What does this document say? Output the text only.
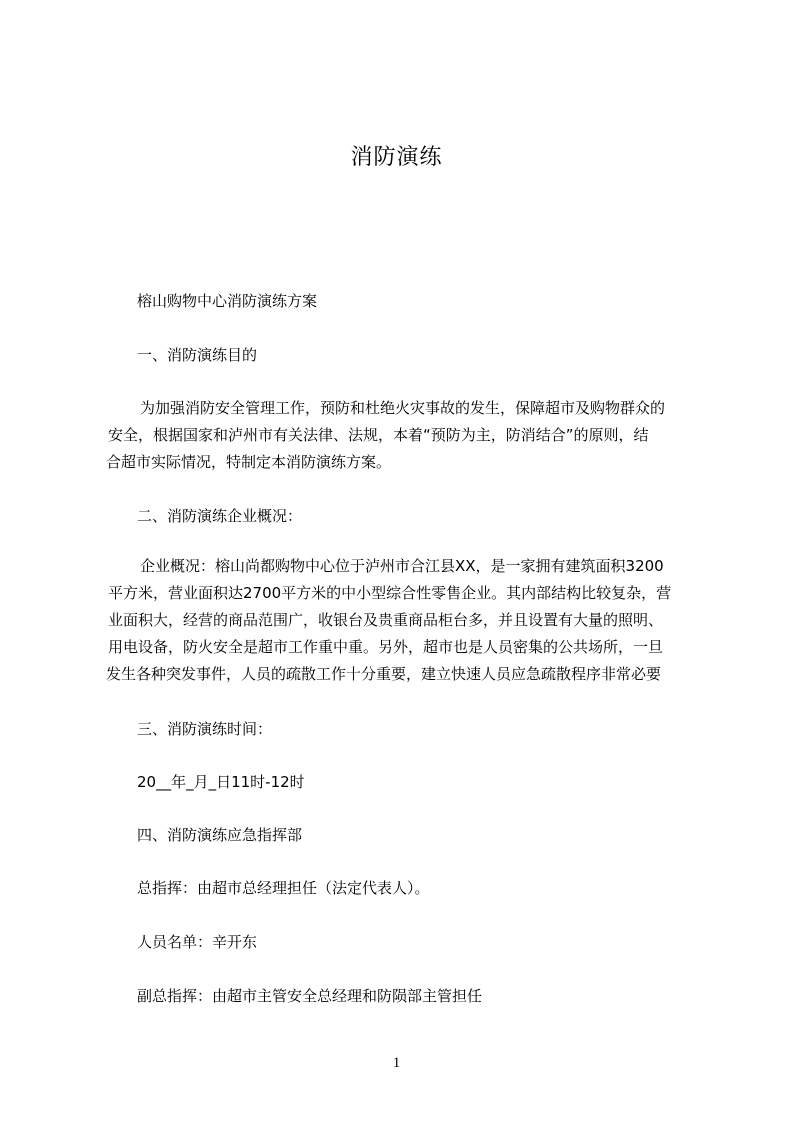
消防演练
榕山购物中心消防演练方案
一、消防演练目的
为加强消防安全管理工作，预防和杜绝火灾事故的发生，保障超市及购物群众的
安全，根据国家和泸州市有关法律、法规，本着“预防为主，防消结合”的原则，结
合超市实际情况，特制定本消防演练方案。
二、消防演练企业概况：
企业概况：榕山尚都购物中心位于泸州市合江县XX，是一家拥有建筑面积3200
平方米，营业面积达2700平方米的中小型综合性零售企业。其内部结构比较复杂，营
业面积大，经营的商品范围广，收银台及贵重商品柜台多，并且设置有大量的照明、
用电设备，防火安全是超市工作重中重。另外，超市也是人员密集的公共场所，一旦
发生各种突发事件，人员的疏散工作十分重要，建立快速人员应急疏散程序非常必要
三、消防演练时间：
20__年_月_日11时-12时
四、消防演练应急指挥部
总指挥：由超市总经理担任（法定代表人）。
人员名单：辛开东
副总指挥：由超市主管安全总经理和防陨部主管担任
1
